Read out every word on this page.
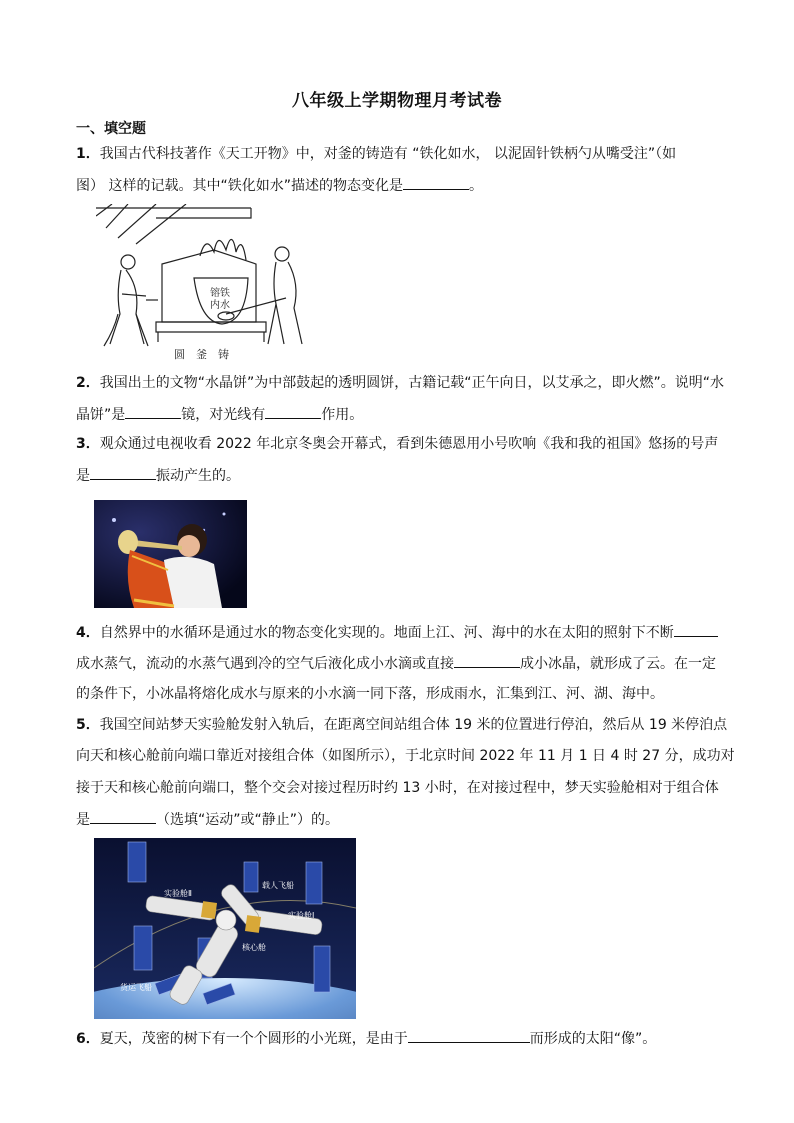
八年级上学期物理月考试卷
一、填空题
1．我国古代科技著作《天工开物》中，对釜的铸造有 “铁化如水， 以泥固针铁柄勺从嘴受注”（如
图） 这样的记载。其中“铁化如水”描述的物态变化是	。
镕铁
内水
圆 釜 铸
2．我国出土的文物“水晶饼”为中部鼓起的透明圆饼，古籍记载“正午向日，以艾承之，即火燃”。说明“水
晶饼”是	镜，对光线有	作用。
3．观众通过电视收看 2022 年北京冬奥会开幕式，看到朱德恩用小号吹响《我和我的祖国》悠扬的号声
是	振动产生的。
4．自然界中的水循环是通过水的物态变化实现的。地面上江、河、海中的水在太阳的照射下不断
成水蒸气，流动的水蒸气遇到冷的空气后液化成小水滴或直接	成小冰晶，就形成了云。在一定
的条件下，小冰晶将熔化成水与原来的小水滴一同下落，形成雨水，汇集到江、河、湖、海中。
5．我国空间站梦天实验舱发射入轨后，在距离空间站组合体 19 米的位置进行停泊，然后从 19 米停泊点
向天和核心舱前向端口靠近对接组合体（如图所示），于北京时间 2022 年 11 月 1 日 4 时 27 分，成功对
接于天和核心舱前向端口，整个交会对接过程历时约 13 小时，在对接过程中，梦天实验舱相对于组合体
是	（选填“运动”或“静止”）的。
实验舱Ⅱ
载人飞船
实验舱Ⅰ
核心舱
货运飞船
6．夏天，茂密的树下有一个个圆形的小光斑，是由于	而形成的太阳“像”。
